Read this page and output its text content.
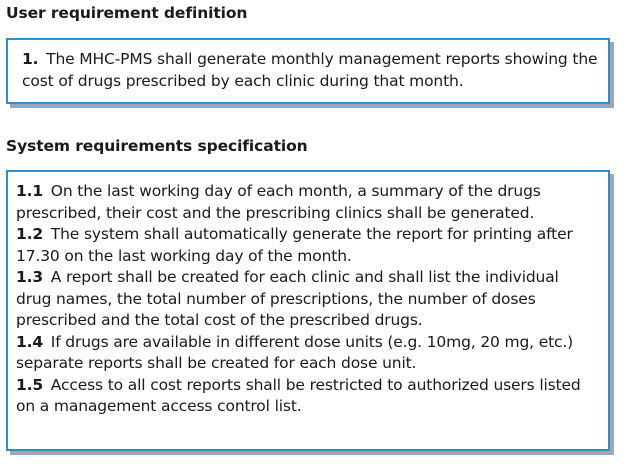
User requirement definition

1. The MHC-PMS shall generate monthly management reports showing the cost of drugs prescribed by each clinic during that month.

System requirements specification

1.1 On the last working day of each month, a summary of the drugs prescribed, their cost and the prescribing clinics shall be generated.

1.2 The system shall automatically generate the report for printing after 17.30 on the last working day of the month.

1.3 A report shall be created for each clinic and shall list the individual drug names, the total number of prescriptions, the number of doses prescribed and the total cost of the prescribed drugs.

1.4 If drugs are available in different dose units (e.g. 10mg, 20 mg, etc.) separate reports shall be created for each dose unit.

1.5 Access to all cost reports shall be restricted to authorized users listed on a management access control list.
